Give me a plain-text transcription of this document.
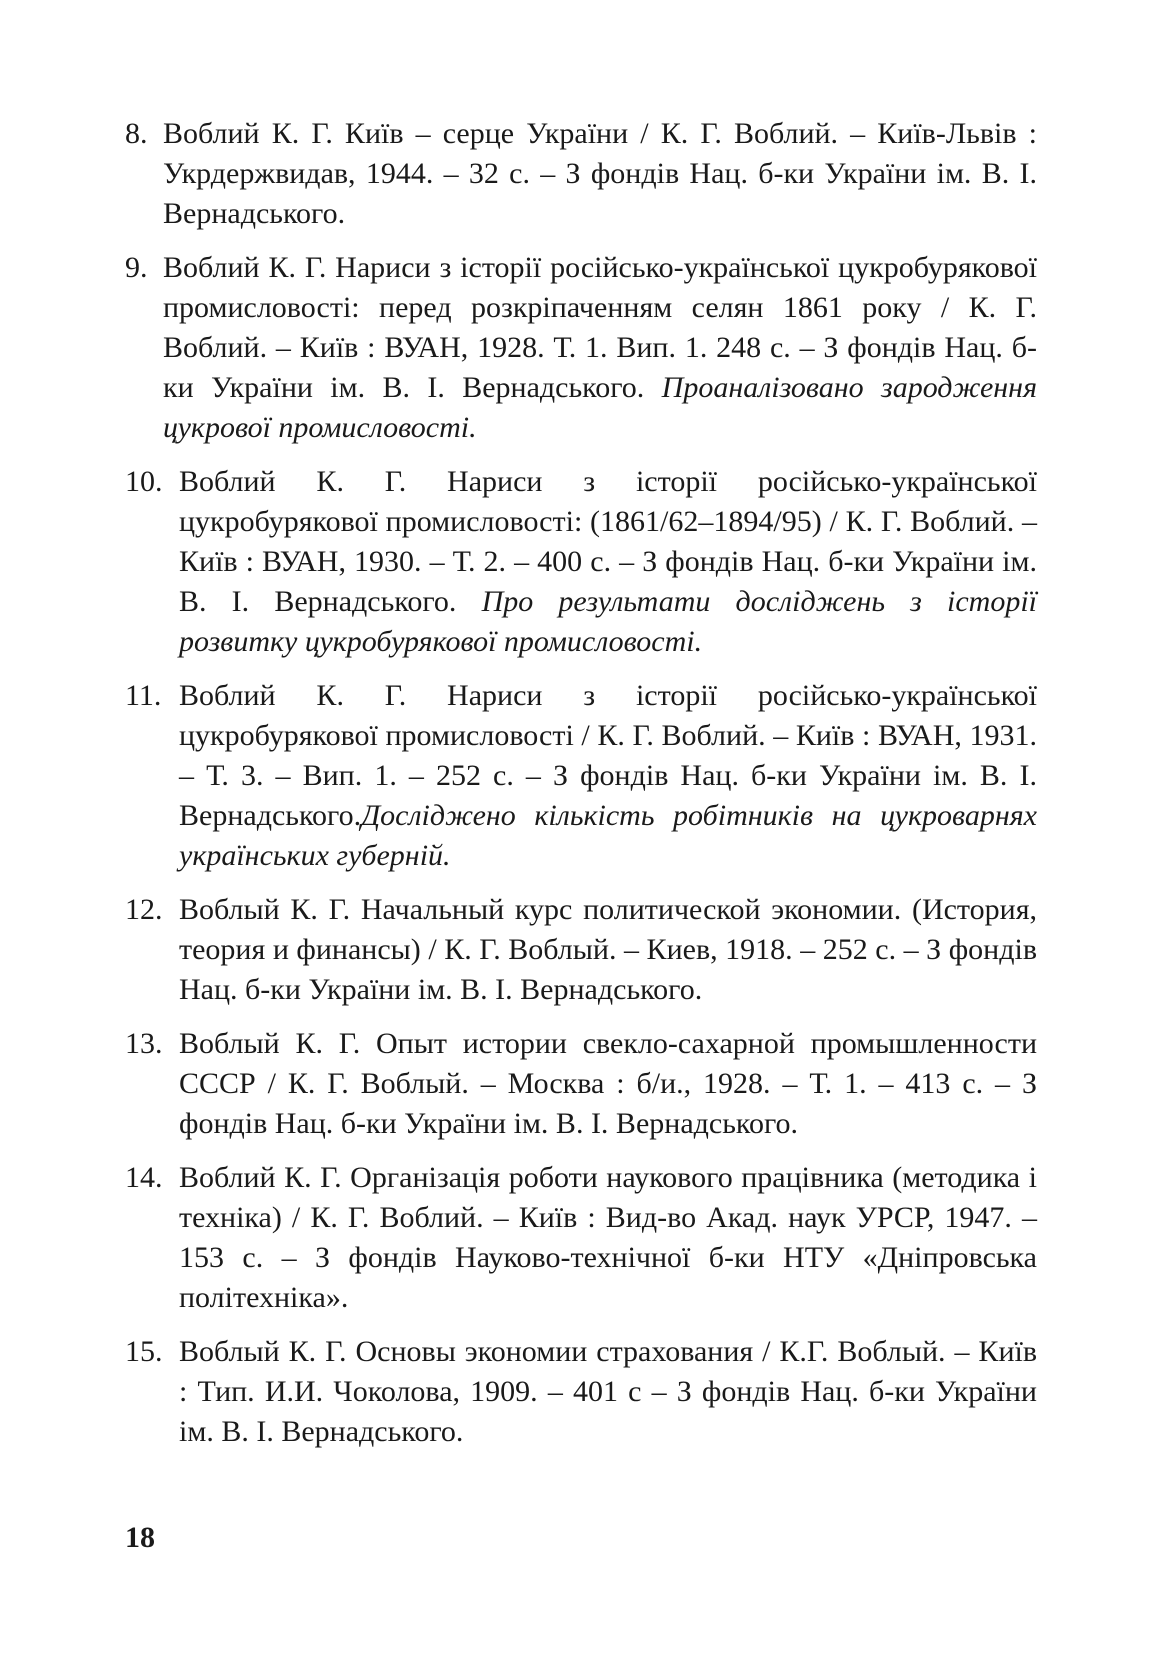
8. Воблий К. Г. Київ – серце України / К. Г. Воблий. – Київ-Львів : Укрдержвидав, 1944. – 32 с. – З фондів Нац. б-ки України ім. В. І. Вернадського.
9. Воблий К. Г. Нариси з історії російсько-української цукробурякової промисловості: перед розкріпаченням селян 1861 року / К. Г. Воблий. – Київ : ВУАН, 1928. Т. 1. Вип. 1. 248 с. – З фондів Нац. б-ки України ім. В. І. Вернадського. Проаналізовано зародження цукрової промисловості.
10. Воблий К. Г. Нариси з історії російсько-української цукробурякової промисловості: (1861/62–1894/95) / К. Г. Воблий. – Київ : ВУАН, 1930. – Т. 2. – 400 с. – З фондів Нац. б-ки України ім. В. І. Вернадського. Про результати досліджень з історії розвитку цукробурякової промисловості.
11. Воблий К. Г. Нариси з історії російсько-української цукробурякової промисловості / К. Г. Воблий. – Київ : ВУАН, 1931. – Т. 3. – Вип. 1. – 252 с. – З фондів Нац. б-ки України ім. В. І. Вернадського.Досліджено кількість робітників на цукроварнях українських губерній.
12. Воблый К. Г. Начальный курс политической экономии. (История, теория и финансы) / К. Г. Воблый. – Киев, 1918. – 252 с. – З фондів Нац. б-ки України ім. В. І. Вернадського.
13. Воблый К. Г. Опыт истории свекло-сахарной промышленности СССР / К. Г. Воблый. – Москва : б/и., 1928. – Т. 1. – 413 с. – З фондів Нац. б-ки України ім. В. І. Вернадського.
14. Воблий К. Г. Організація роботи наукового працівника (методика і техніка) / К. Г. Воблий. – Київ : Вид-во Акад. наук УРСР, 1947. – 153 с. – З фондів Науково-технічної б-ки НТУ «Дніпровська політехніка».
15. Воблый К. Г. Основы экономии страхования / К.Г. Воблый. – Київ : Тип. И.И. Чоколова, 1909. – 401 с – З фондів Нац. б-ки України ім. В. І. Вернадського.
18
